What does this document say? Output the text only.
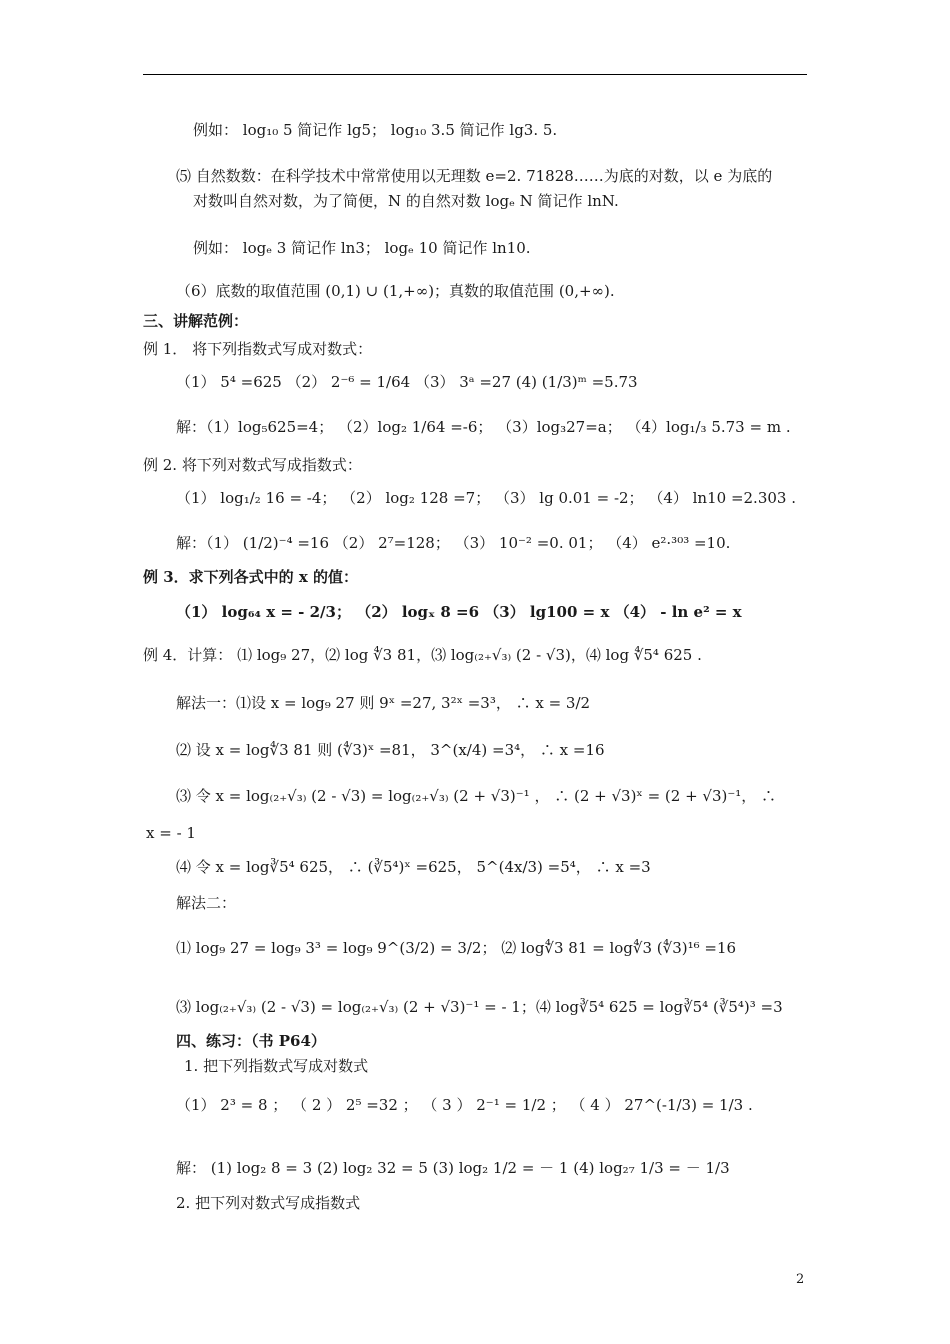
例如： log₁₀ 5 简记作 lg5； log₁₀ 3.5 简记作 lg3. 5.
⑸ 自然数数：在科学技术中常常使用以无理数 e=2. 71828……为底的对数，以 e 为底的
对数叫自然对数，为了简便，N 的自然对数 logₑ N 简记作 lnN.
例如： logₑ 3 简记作 ln3； logₑ 10 简记作 ln10.
（6）底数的取值范围 (0,1) ∪ (1,+∞)；真数的取值范围 (0,+∞).
三、讲解范例：
例 1． 将下列指数式写成对数式：
（1） 5⁴ =625 （2） 2⁻⁶ = 1/64 （3） 3ᵃ =27 (4) (1/3)ᵐ =5.73
解：（1）log₅625=4； （2）log₂ 1/64 =-6； （3）log₃27=a； （4）log₁/₃ 5.73 = m .
例 2. 将下列对数式写成指数式：
（1） log₁/₂ 16 = -4； （2） log₂ 128 =7； （3） lg 0.01 = -2； （4） ln10 =2.303 .
解：（1） (1/2)⁻⁴ =16 （2） 2⁷=128； （3） 10⁻² =0. 01； （4） e²·³⁰³ =10.
例 3．求下列各式中的 x 的值：
（1） log₆₄ x = - 2/3； （2） logₓ 8 =6 （3） lg100 = x （4） - ln e² = x
例 4．计算： ⑴ log₉ 27，⑵ log ∜3 81，⑶ log₍₂₊√₃₎ (2 - √3)，⑷ log ∜5⁴ 625 .
解法一：⑴设 x = log₉ 27 则 9ˣ =27, 3²ˣ =3³， ∴ x = 3/2
⑵ 设 x = log∜3 81 则 (∜3)ˣ =81， 3^(x/4) =3⁴， ∴ x =16
⑶ 令 x = log₍₂₊√₃₎ (2 - √3) = log₍₂₊√₃₎ (2 + √3)⁻¹ ， ∴ (2 + √3)ˣ = (2 + √3)⁻¹， ∴
x = - 1
⑷ 令 x = log∛5⁴ 625， ∴ (∛5⁴)ˣ =625， 5^(4x/3) =5⁴， ∴ x =3
解法二：
⑴ log₉ 27 = log₉ 3³ = log₉ 9^(3/2) = 3/2； ⑵ log∜3 81 = log∜3 (∜3)¹⁶ =16
⑶ log₍₂₊√₃₎ (2 - √3) = log₍₂₊√₃₎ (2 + √3)⁻¹ = - 1；⑷ log∛5⁴ 625 = log∛5⁴ (∛5⁴)³ =3
四、练习：（书 P64）
1. 把下列指数式写成对数式
（1） 2³ = 8 ； （ 2 ） 2⁵ =32 ； （ 3 ） 2⁻¹ = 1/2 ； （ 4 ） 27^(-1/3) = 1/3 .
解： (1) log₂ 8 = 3 (2) log₂ 32 = 5 (3) log₂ 1/2 = － 1 (4) log₂₇ 1/3 = － 1/3
2. 把下列对数式写成指数式
2
